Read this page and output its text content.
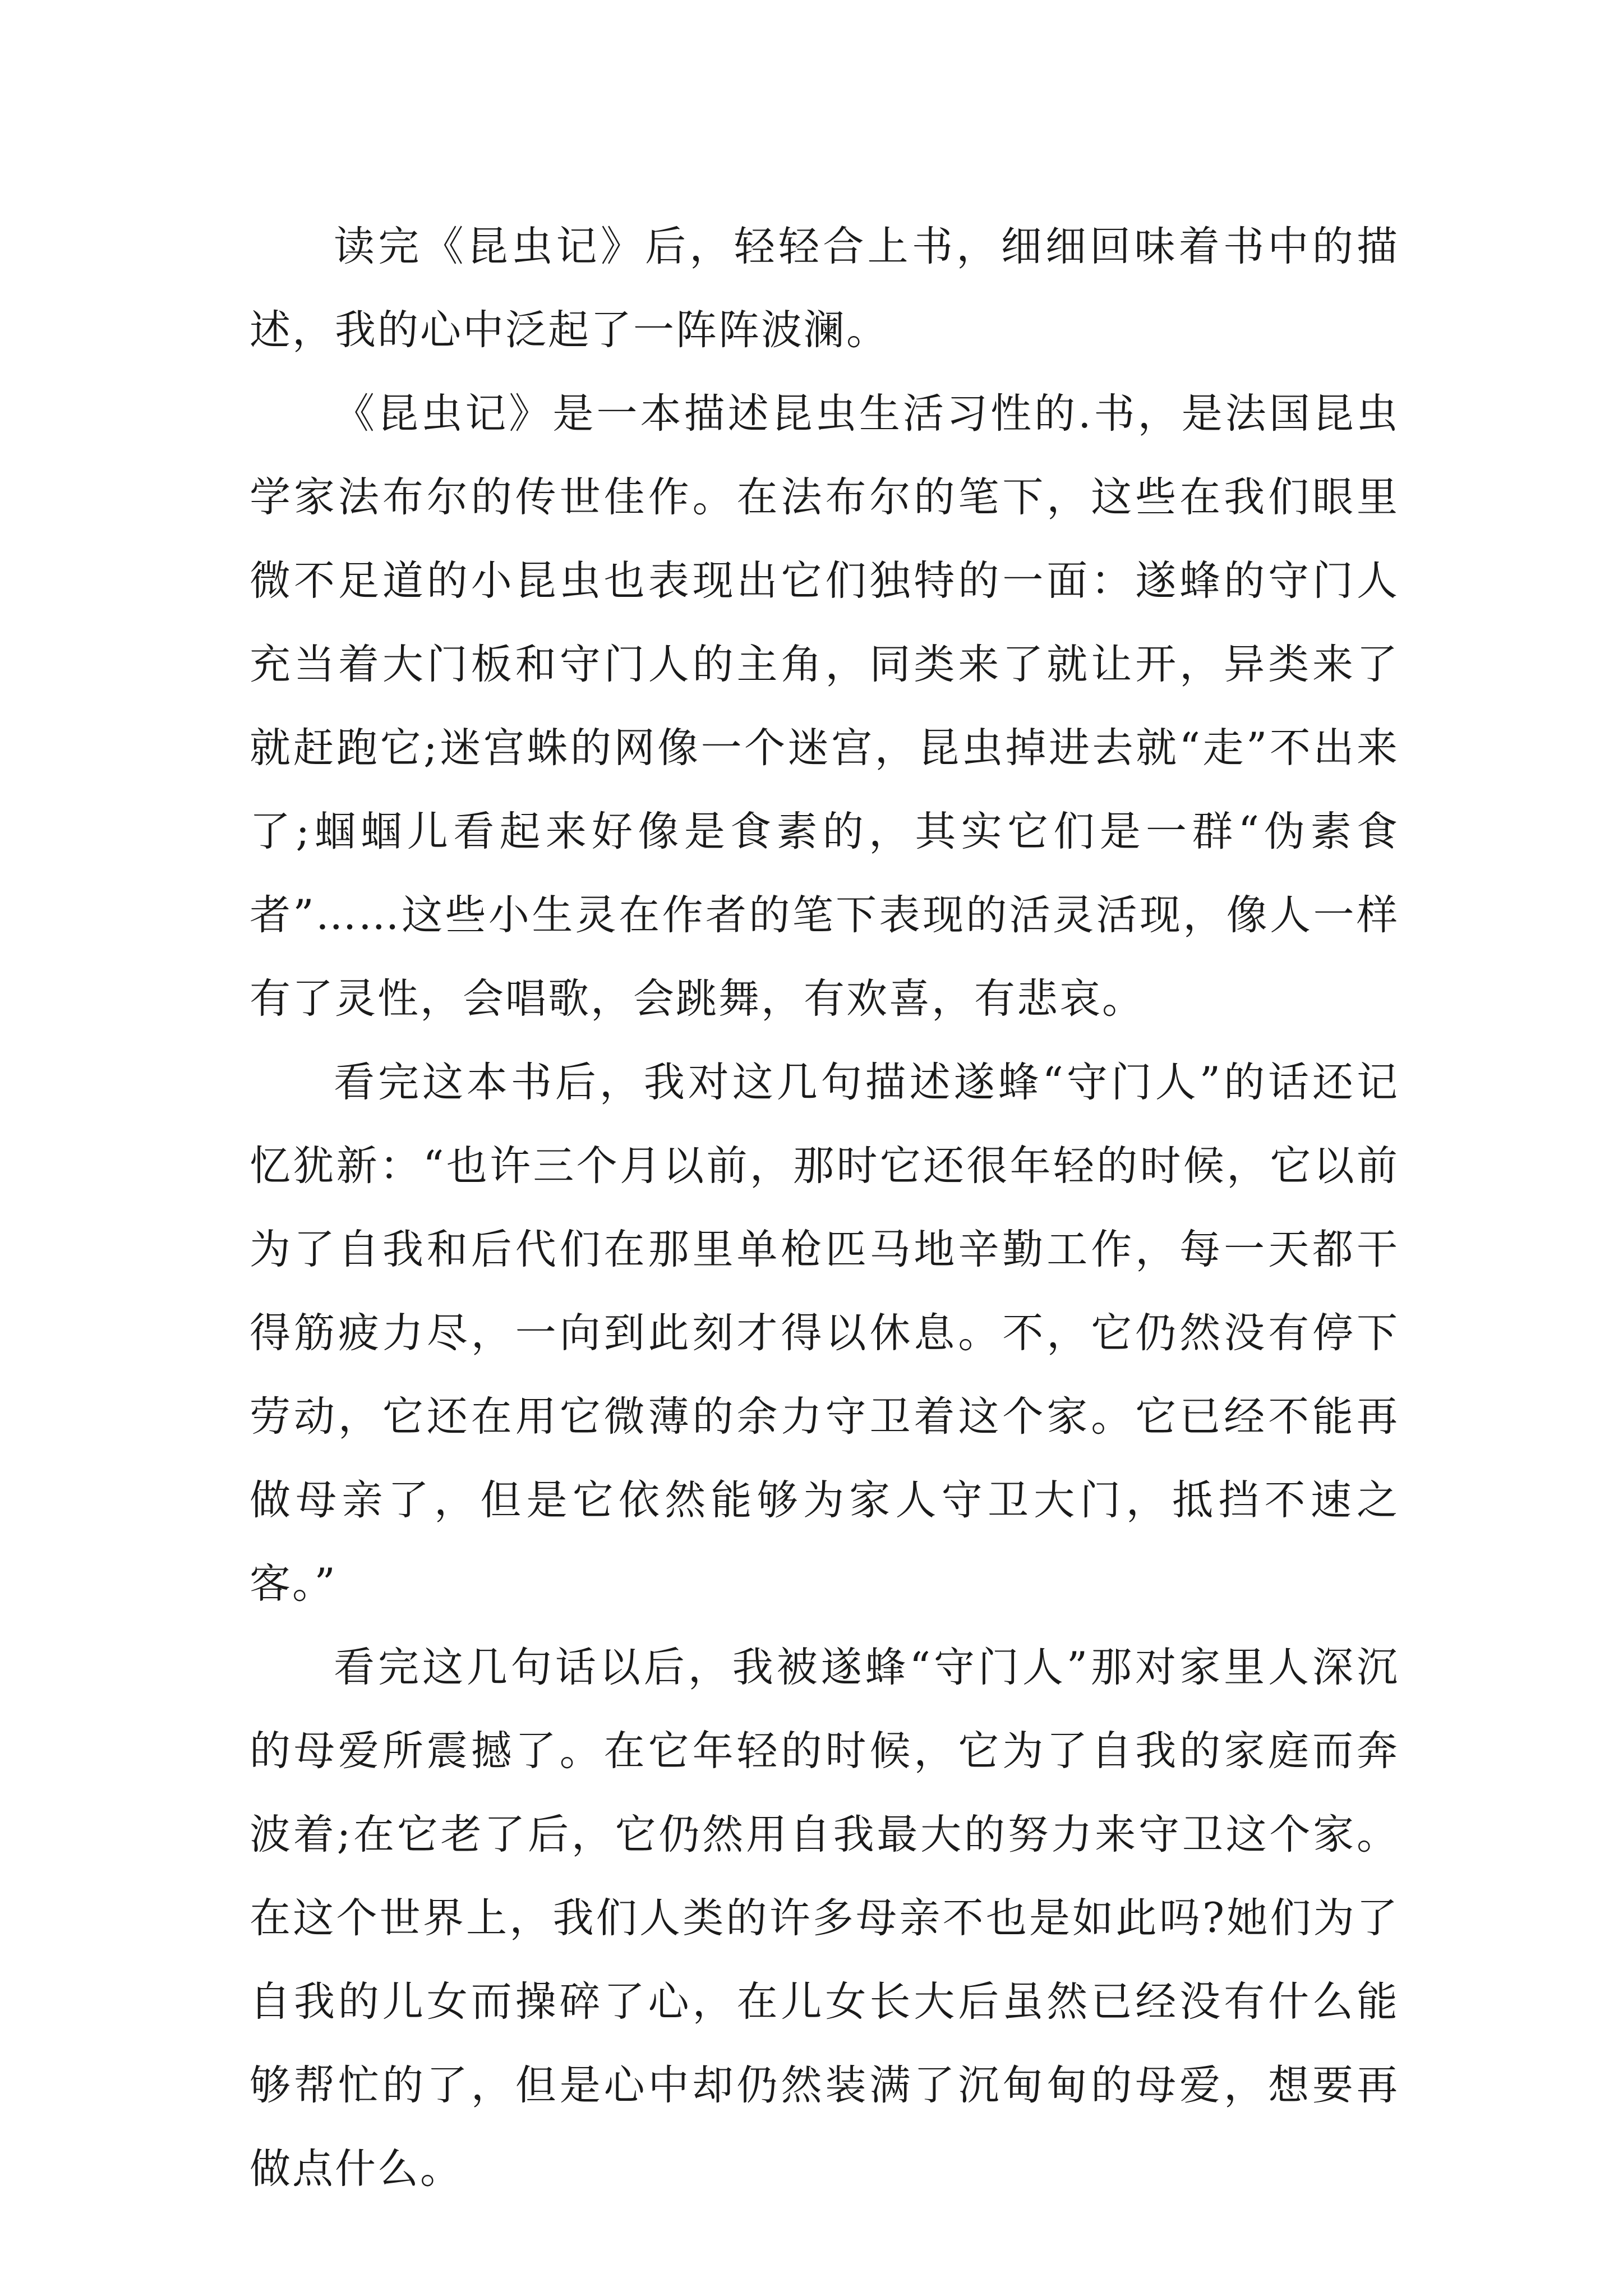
读完《昆虫记》后，轻轻合上书，细细回味着书中的描述，我的心中泛起了一阵阵波澜。

《昆虫记》是一本描述昆虫生活习性的.书，是法国昆虫学家法布尔的传世佳作。在法布尔的笔下，这些在我们眼里微不足道的小昆虫也表现出它们独特的一面：遂蜂的守门人充当着大门板和守门人的主角，同类来了就让开，异类来了就赶跑它;迷宫蛛的网像一个迷宫，昆虫掉进去就“走”不出来了;蝈蝈儿看起来好像是食素的，其实它们是一群“伪素食者”……这些小生灵在作者的笔下表现的活灵活现，像人一样有了灵性，会唱歌，会跳舞，有欢喜，有悲哀。

看完这本书后，我对这几句描述遂蜂“守门人”的话还记忆犹新：“也许三个月以前，那时它还很年轻的时候，它以前为了自我和后代们在那里单枪匹马地辛勤工作，每一天都干得筋疲力尽，一向到此刻才得以休息。不，它仍然没有停下劳动，它还在用它微薄的余力守卫着这个家。它已经不能再做母亲了，但是它依然能够为家人守卫大门，抵挡不速之客。”

看完这几句话以后，我被遂蜂“守门人”那对家里人深沉的母爱所震撼了。在它年轻的时候，它为了自我的家庭而奔波着;在它老了后，它仍然用自我最大的努力来守卫这个家。在这个世界上，我们人类的许多母亲不也是如此吗?她们为了自我的儿女而操碎了心，在儿女长大后虽然已经没有什么能够帮忙的了，但是心中却仍然装满了沉甸甸的母爱，想要再做点什么。
